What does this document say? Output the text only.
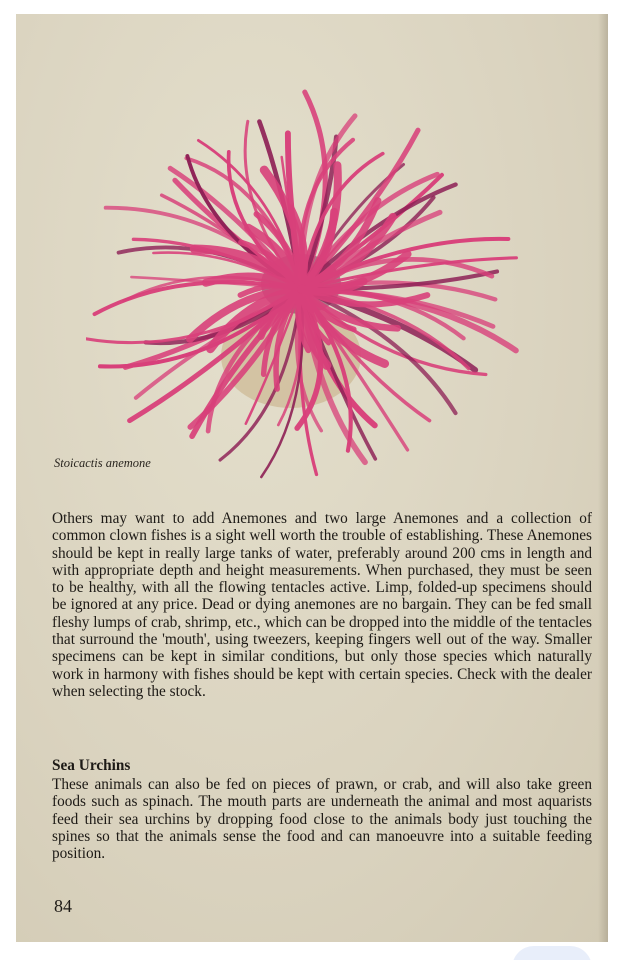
Stoicactis anemone

Others may want to add Anemones and two large Anemones and a collection of common clown fishes is a sight well worth the trouble of establishing. These Anemones should be kept in really large tanks of water, preferably around 200 cms in length and with appropriate depth and height measurements. When purchased, they must be seen to be healthy, with all the flowing tentacles active. Limp, folded-up specimens should be ignored at any price. Dead or dying anemones are no bargain. They can be fed small fleshy lumps of crab, shrimp, etc., which can be dropped into the middle of the tentacles that surround the 'mouth', using tweezers, keeping fingers well out of the way. Smaller specimens can be kept in similar conditions, but only those species which naturally work in harmony with fishes should be kept with certain species. Check with the dealer when selecting the stock.

Sea Urchins

These animals can also be fed on pieces of prawn, or crab, and will also take green foods such as spinach. The mouth parts are underneath the animal and most aquarists feed their sea urchins by dropping food close to the animals body just touching the spines so that the animals sense the food and can manoeuvre into a suitable feeding position.

84
